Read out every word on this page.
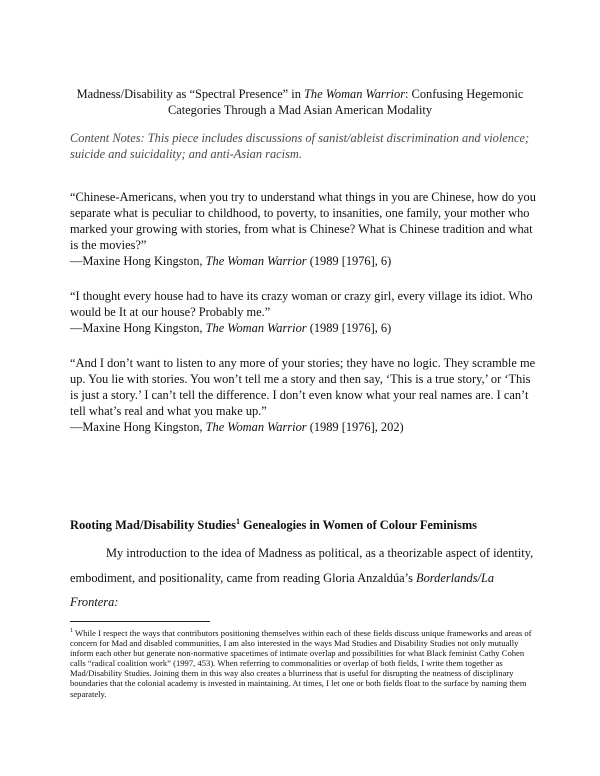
Madness/Disability as “Spectral Presence” in The Woman Warrior: Confusing Hegemonic Categories Through a Mad Asian American Modality
Content Notes: This piece includes discussions of sanist/ableist discrimination and violence; suicide and suicidality; and anti-Asian racism.

“Chinese-Americans, when you try to understand what things in you are Chinese, how do you separate what is peculiar to childhood, to poverty, to insanities, one family, your mother who marked your growing with stories, from what is Chinese? What is Chinese tradition and what is the movies?”

—Maxine Hong Kingston, The Woman Warrior (1989 [1976], 6)

“I thought every house had to have its crazy woman or crazy girl, every village its idiot. Who would be It at our house? Probably me.”

—Maxine Hong Kingston, The Woman Warrior (1989 [1976], 6)

“And I don’t want to listen to any more of your stories; they have no logic. They scramble me up. You lie with stories. You won’t tell me a story and then say, ‘This is a true story,’ or ‘This is just a story.’ I can’t tell the difference. I don’t even know what your real names are. I can’t tell what’s real and what you make up.”

—Maxine Hong Kingston, The Woman Warrior (1989 [1976], 202)

Rooting Mad/Disability Studies$^1$ Genealogies in Women of Colour Feminisms
My introduction to the idea of Madness as political, as a theorizable aspect of identity, embodiment, and positionality, came from reading Gloria Anzaldúa’s Borderlands/La Frontera:
$^1$ While I respect the ways that contributors positioning themselves within each of these fields discuss unique frameworks and areas of concern for Mad and disabled communities, I am also interested in the ways Mad Studies and Disability Studies not only mutually inform each other but generate non-normative spacetimes of intimate overlap and possibilities for what Black feminist Cathy Cohen calls “radical coalition work” (1997, 453). When referring to commonalities or overlap of both fields, I write them together as Mad/Disability Studies. Joining them in this way also creates a blurriness that is useful for disrupting the neatness of disciplinary boundaries that the colonial academy is invested in maintaining. At times, I let one or both fields float to the surface by naming them separately.
